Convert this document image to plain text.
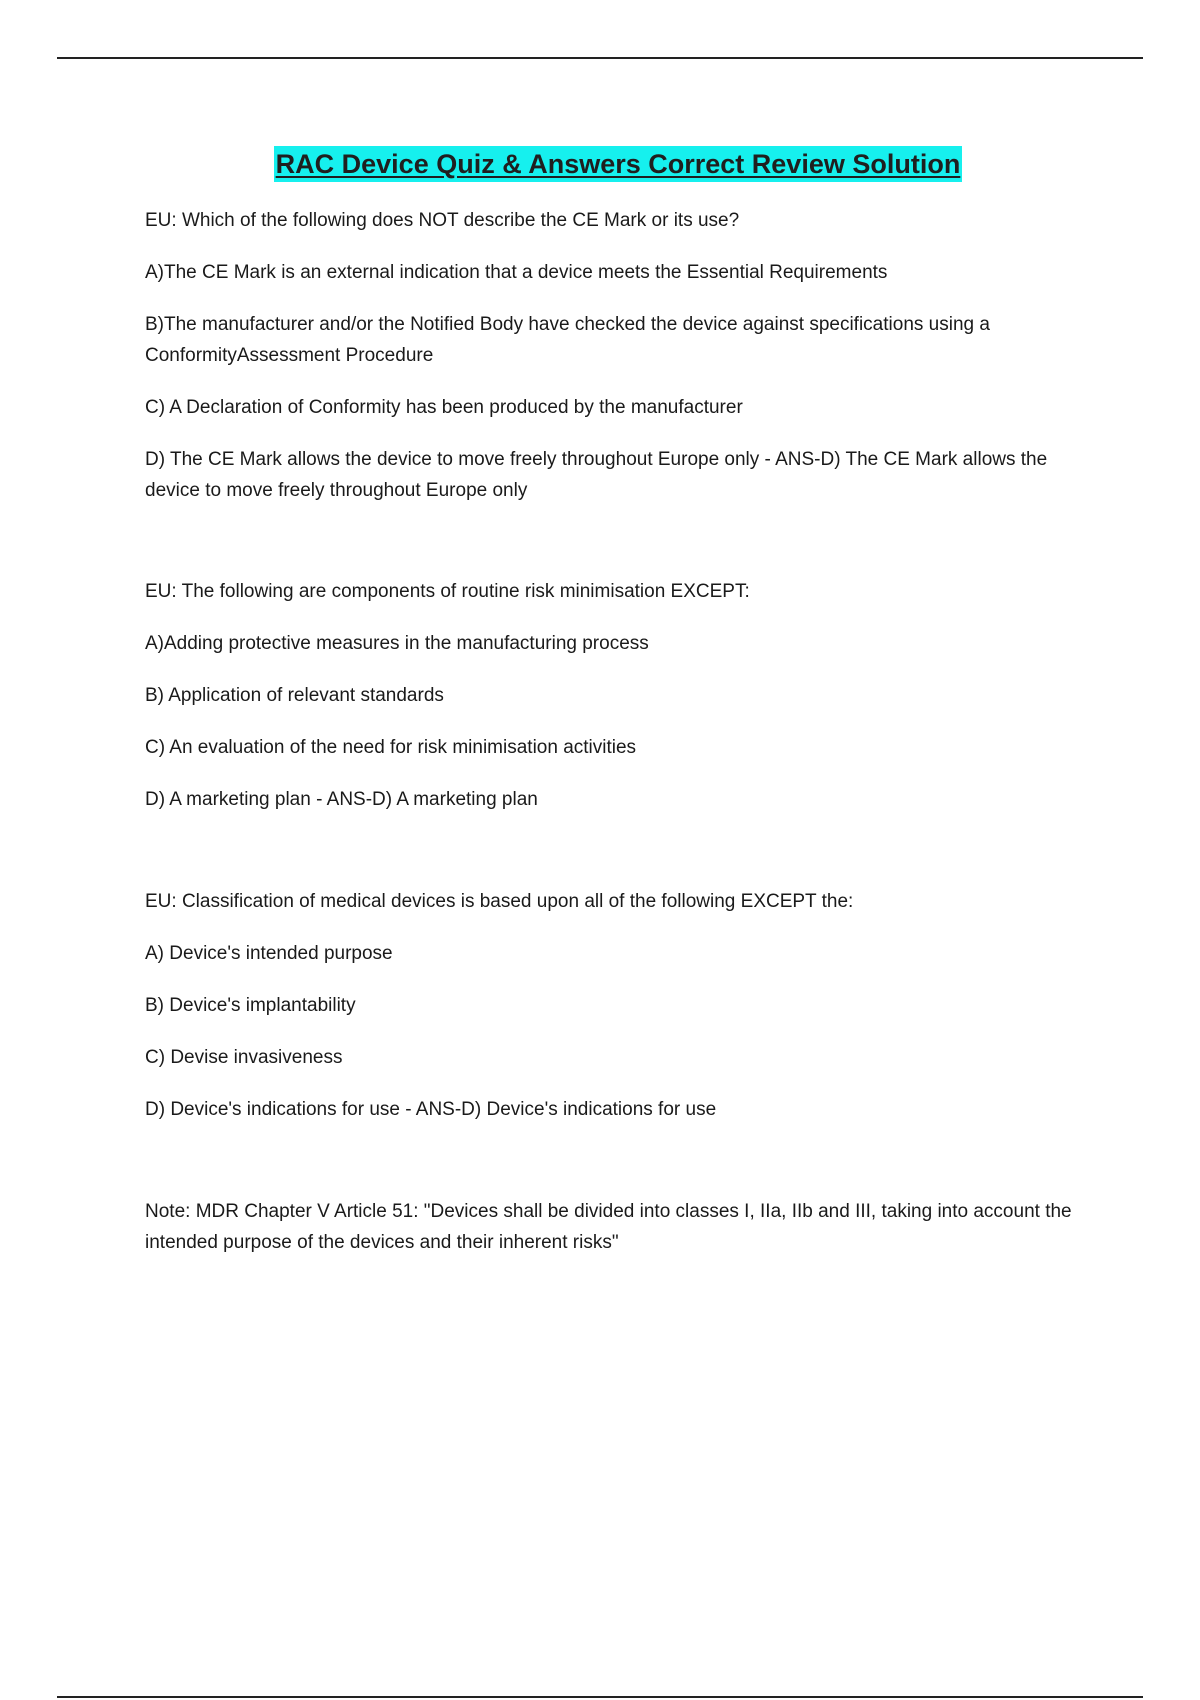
RAC Device Quiz & Answers Correct Review Solution

EU: Which of the following does NOT describe the CE Mark or its use?

A)The CE Mark is an external indication that a device meets the Essential Requirements

B)The manufacturer and/or the Notified Body have checked the device against specifications using a ConformityAssessment Procedure

C) A Declaration of Conformity has been produced by the manufacturer

D) The CE Mark allows the device to move freely throughout Europe only - ANS-D) The CE Mark allows the device to move freely throughout Europe only

EU: The following are components of routine risk minimisation EXCEPT:

A)Adding protective measures in the manufacturing process

B) Application of relevant standards

C) An evaluation of the need for risk minimisation activities

D) A marketing plan - ANS-D) A marketing plan

EU: Classification of medical devices is based upon all of the following EXCEPT the:

A) Device's intended purpose

B) Device's implantability

C) Devise invasiveness

D) Device's indications for use - ANS-D) Device's indications for use

Note: MDR Chapter V Article 51: "Devices shall be divided into classes I, IIa, IIb and III, taking into account the intended purpose of the devices and their inherent risks"
